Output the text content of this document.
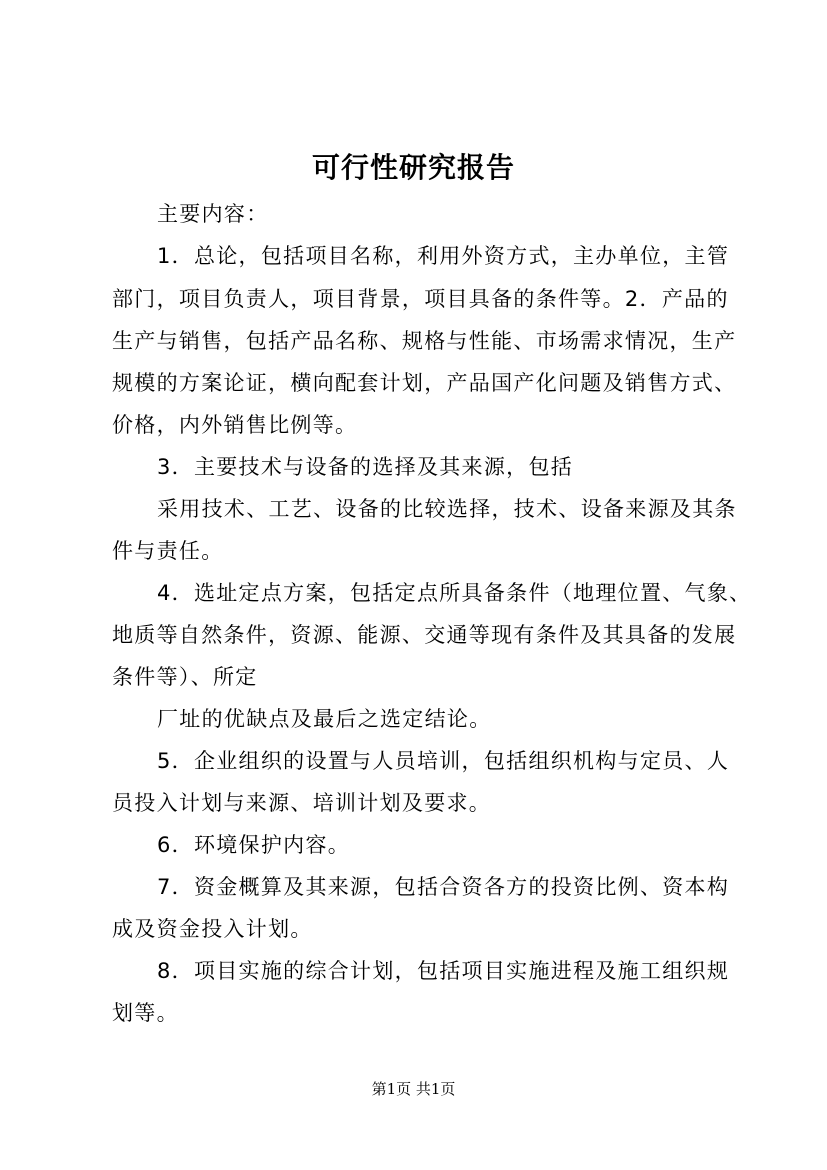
可行性研究报告
主要内容：
1．总论，包括项目名称，利用外资方式，主办单位，主管
部门，项目负责人，项目背景，项目具备的条件等。2．产品的
生产与销售，包括产品名称、规格与性能、市场需求情况，生产
规模的方案论证，横向配套计划，产品国产化问题及销售方式、
价格，内外销售比例等。
3．主要技术与设备的选择及其来源，包括
采用技术、工艺、设备的比较选择，技术、设备来源及其条
件与责任。
4．选址定点方案，包括定点所具备条件（地理位置、气象、
地质等自然条件，资源、能源、交通等现有条件及其具备的发展
条件等）、所定
厂址的优缺点及最后之选定结论。
5．企业组织的设置与人员培训，包括组织机构与定员、人
员投入计划与来源、培训计划及要求。
6．环境保护内容。
7．资金概算及其来源，包括合资各方的投资比例、资本构
成及资金投入计划。
8．项目实施的综合计划，包括项目实施进程及施工组织规
划等。
第1页 共1页
